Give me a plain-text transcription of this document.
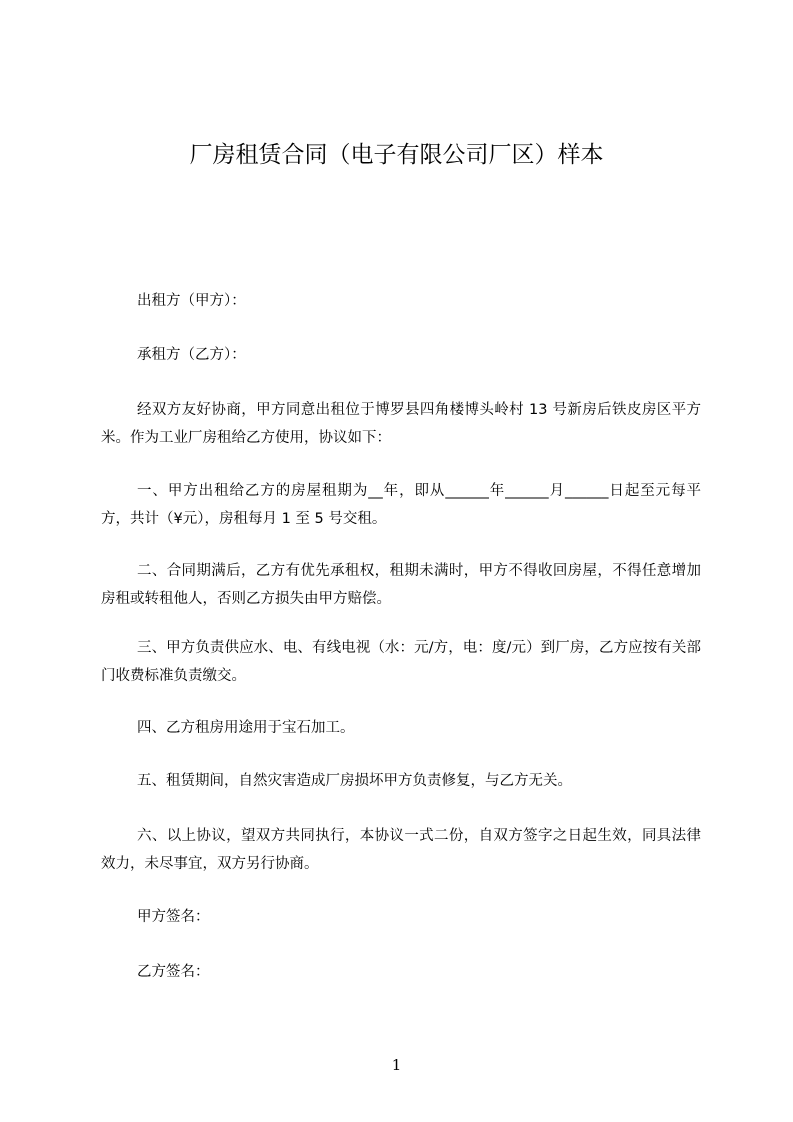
厂房租赁合同（电子有限公司厂区）样本

出租方（甲方）：

承租方（乙方）：

经双方友好协商，甲方同意出租位于博罗县四角楼博头岭村 13 号新房后铁皮房区平方米。作为工业厂房租给乙方使用，协议如下：

一、甲方出租给乙方的房屋租期为__年，即从______年______月______日起至元每平方，共计（¥元），房租每月 1 至 5 号交租。

二、合同期满后，乙方有优先承租权，租期未满时，甲方不得收回房屋，不得任意增加房租或转租他人，否则乙方损失由甲方赔偿。

三、甲方负责供应水、电、有线电视（水：元/方，电：度/元）到厂房，乙方应按有关部门收费标准负责缴交。

四、乙方租房用途用于宝石加工。

五、租赁期间，自然灾害造成厂房损坏甲方负责修复，与乙方无关。

六、以上协议，望双方共同执行，本协议一式二份，自双方签字之日起生效，同具法律效力，未尽事宜，双方另行协商。

甲方签名：

乙方签名：

1
